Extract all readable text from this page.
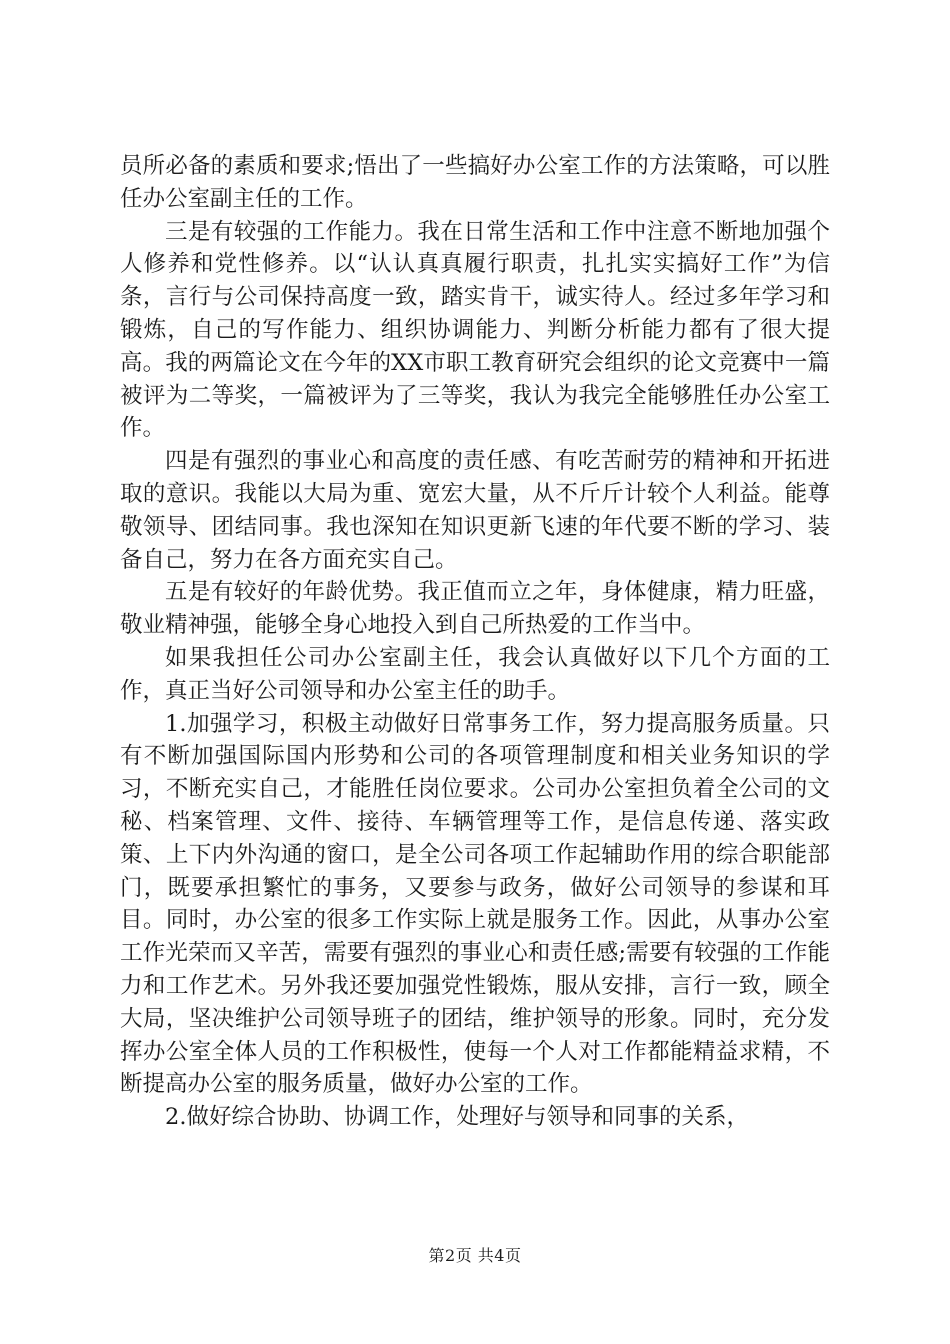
员所必备的素质和要求;悟出了一些搞好办公室工作的方法策略，可以胜任办公室副主任的工作。

三是有较强的工作能力。我在日常生活和工作中注意不断地加强个人修养和党性修养。以“认认真真履行职责，扎扎实实搞好工作”为信条，言行与公司保持高度一致，踏实肯干，诚实待人。经过多年学习和锻炼，自己的写作能力、组织协调能力、判断分析能力都有了很大提高。我的两篇论文在今年的XX市职工教育研究会组织的论文竞赛中一篇被评为二等奖，一篇被评为了三等奖，我认为我完全能够胜任办公室工作。

四是有强烈的事业心和高度的责任感、有吃苦耐劳的精神和开拓进取的意识。我能以大局为重、宽宏大量，从不斤斤计较个人利益。能尊敬领导、团结同事。我也深知在知识更新飞速的年代要不断的学习、装备自己，努力在各方面充实自己。

五是有较好的年龄优势。我正值而立之年，身体健康，精力旺盛，敬业精神强，能够全身心地投入到自己所热爱的工作当中。

如果我担任公司办公室副主任，我会认真做好以下几个方面的工作，真正当好公司领导和办公室主任的助手。

1.加强学习，积极主动做好日常事务工作，努力提高服务质量。只有不断加强国际国内形势和公司的各项管理制度和相关业务知识的学习，不断充实自己，才能胜任岗位要求。公司办公室担负着全公司的文秘、档案管理、文件、接待、车辆管理等工作，是信息传递、落实政策、上下内外沟通的窗口，是全公司各项工作起辅助作用的综合职能部门，既要承担繁忙的事务，又要参与政务，做好公司领导的参谋和耳目。同时，办公室的很多工作实际上就是服务工作。因此，从事办公室工作光荣而又辛苦，需要有强烈的事业心和责任感;需要有较强的工作能力和工作艺术。另外我还要加强党性锻炼，服从安排，言行一致，顾全大局，坚决维护公司领导班子的团结，维护领导的形象。同时，充分发挥办公室全体人员的工作积极性，使每一个人对工作都能精益求精，不断提高办公室的服务质量，做好办公室的工作。

2.做好综合协助、协调工作，处理好与领导和同事的关系，

第2页 共4页
